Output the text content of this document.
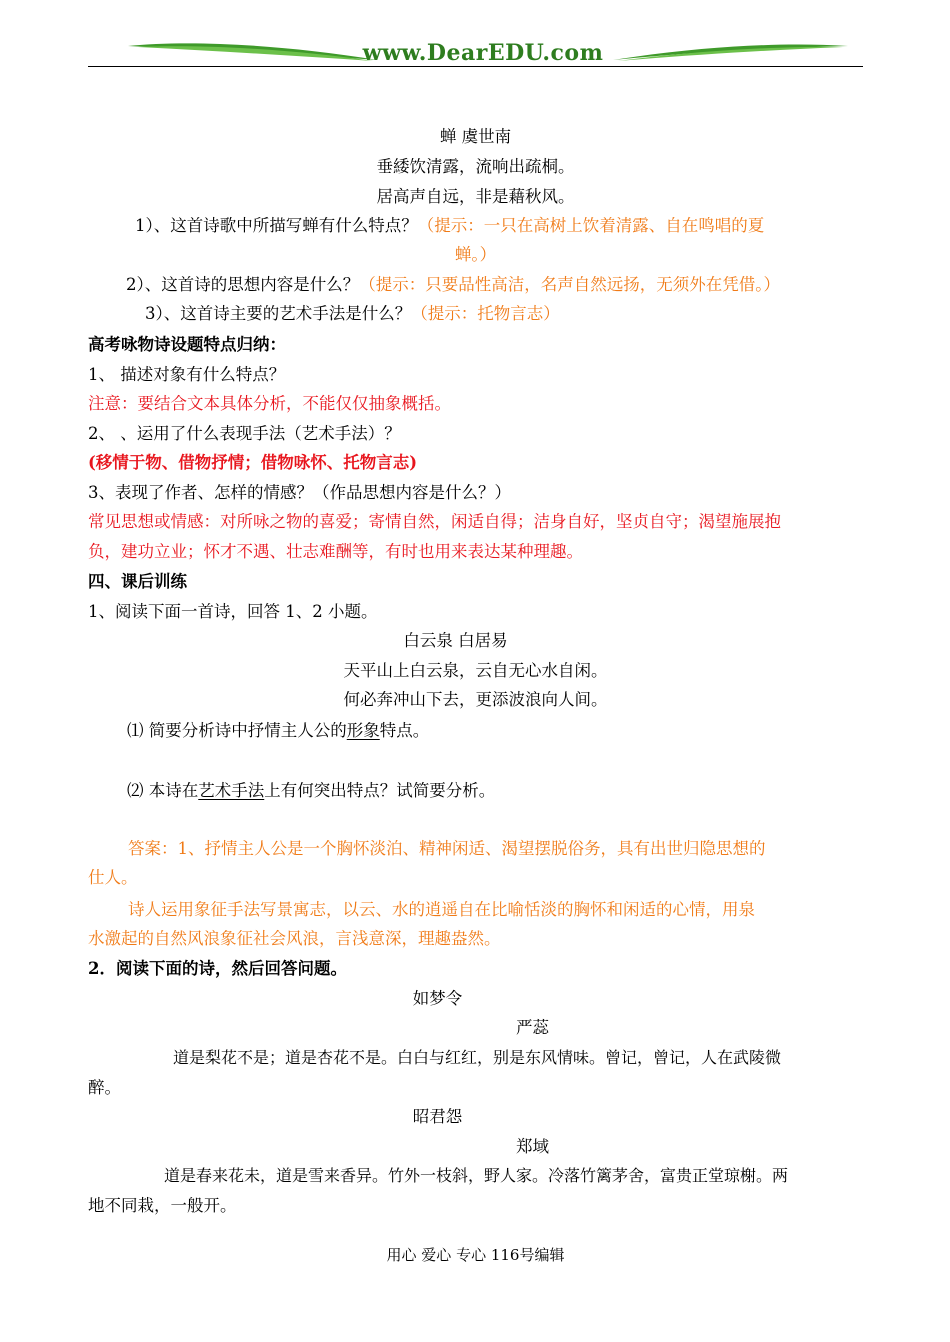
www.DearEDU.com
蝉 虞世南
垂緌饮清露，流响出疏桐。
居高声自远，非是藉秋风。
1）、这首诗歌中所描写蝉有什么特点？（提示：一只在高树上饮着清露、自在鸣唱的夏
蝉。）
2）、这首诗的思想内容是什么？（提示：只要品性高洁，名声自然远扬，无须外在凭借。）
3）、这首诗主要的艺术手法是什么？（提示：托物言志）
高考咏物诗设题特点归纳：
1、 描述对象有什么特点？
注意：要结合文本具体分析，不能仅仅抽象概括。
2、 、运用了什么表现手法（艺术手法）？
(移情于物、借物抒情；借物咏怀、托物言志)
3、表现了作者、怎样的情感？（作品思想内容是什么？）
常见思想或情感：对所咏之物的喜爱；寄情自然，闲适自得；洁身自好，坚贞自守；渴望施展抱
负，建功立业；怀才不遇、壮志难酬等，有时也用来表达某种理趣。
四、课后训练
1、阅读下面一首诗，回答 1、2 小题。
白云泉 白居易
天平山上白云泉，云自无心水自闲。
何必奔冲山下去，更添波浪向人间。
⑴ 简要分析诗中抒情主人公的形象特点。
⑵ 本诗在艺术手法上有何突出特点？试简要分析。
答案：1、抒情主人公是一个胸怀淡泊、精神闲适、渴望摆脱俗务，具有出世归隐思想的
仕人。
诗人运用象征手法写景寓志，以云、水的逍遥自在比喻恬淡的胸怀和闲适的心情，用泉
水激起的自然风浪象征社会风浪，言浅意深，理趣盎然。
2．阅读下面的诗，然后回答问题。
如梦令
严蕊
道是梨花不是；道是杏花不是。白白与红红，别是东风情味。曾记，曾记，人在武陵微
醉。
昭君怨
郑域
道是春来花未，道是雪来香异。竹外一枝斜，野人家。冷落竹篱茅舍，富贵正堂琼榭。两
地不同栽，一般开。
用心 爱心 专心 116号编辑
